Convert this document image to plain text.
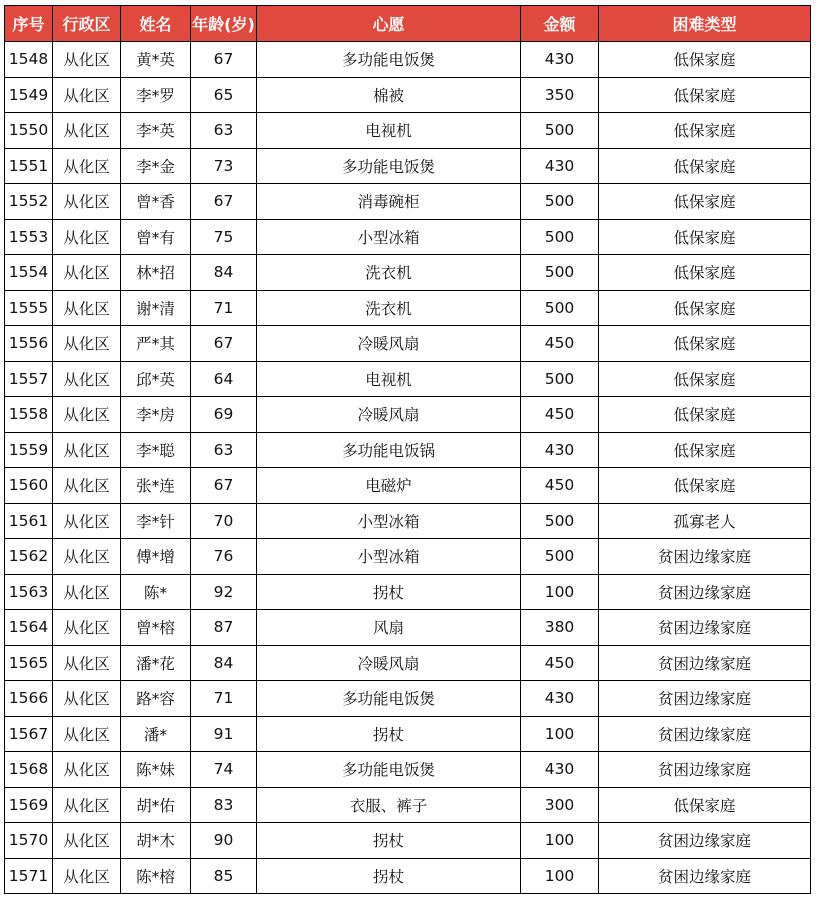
序号	行政区	姓名	年龄(岁)	心愿	金额	困难类型
1548	从化区	黄*英	67	多功能电饭煲	430	低保家庭
1549	从化区	李*罗	65	棉被	350	低保家庭
1550	从化区	李*英	63	电视机	500	低保家庭
1551	从化区	李*金	73	多功能电饭煲	430	低保家庭
1552	从化区	曾*香	67	消毒碗柜	500	低保家庭
1553	从化区	曾*有	75	小型冰箱	500	低保家庭
1554	从化区	林*招	84	洗衣机	500	低保家庭
1555	从化区	谢*清	71	洗衣机	500	低保家庭
1556	从化区	严*其	67	冷暖风扇	450	低保家庭
1557	从化区	邱*英	64	电视机	500	低保家庭
1558	从化区	李*房	69	冷暖风扇	450	低保家庭
1559	从化区	李*聪	63	多功能电饭锅	430	低保家庭
1560	从化区	张*连	67	电磁炉	450	低保家庭
1561	从化区	李*针	70	小型冰箱	500	孤寡老人
1562	从化区	傅*增	76	小型冰箱	500	贫困边缘家庭
1563	从化区	陈*	92	拐杖	100	贫困边缘家庭
1564	从化区	曾*榕	87	风扇	380	贫困边缘家庭
1565	从化区	潘*花	84	冷暖风扇	450	贫困边缘家庭
1566	从化区	路*容	71	多功能电饭煲	430	贫困边缘家庭
1567	从化区	潘*	91	拐杖	100	贫困边缘家庭
1568	从化区	陈*妹	74	多功能电饭煲	430	贫困边缘家庭
1569	从化区	胡*佑	83	衣服、裤子	300	低保家庭
1570	从化区	胡*木	90	拐杖	100	贫困边缘家庭
1571	从化区	陈*榕	85	拐杖	100	贫困边缘家庭
